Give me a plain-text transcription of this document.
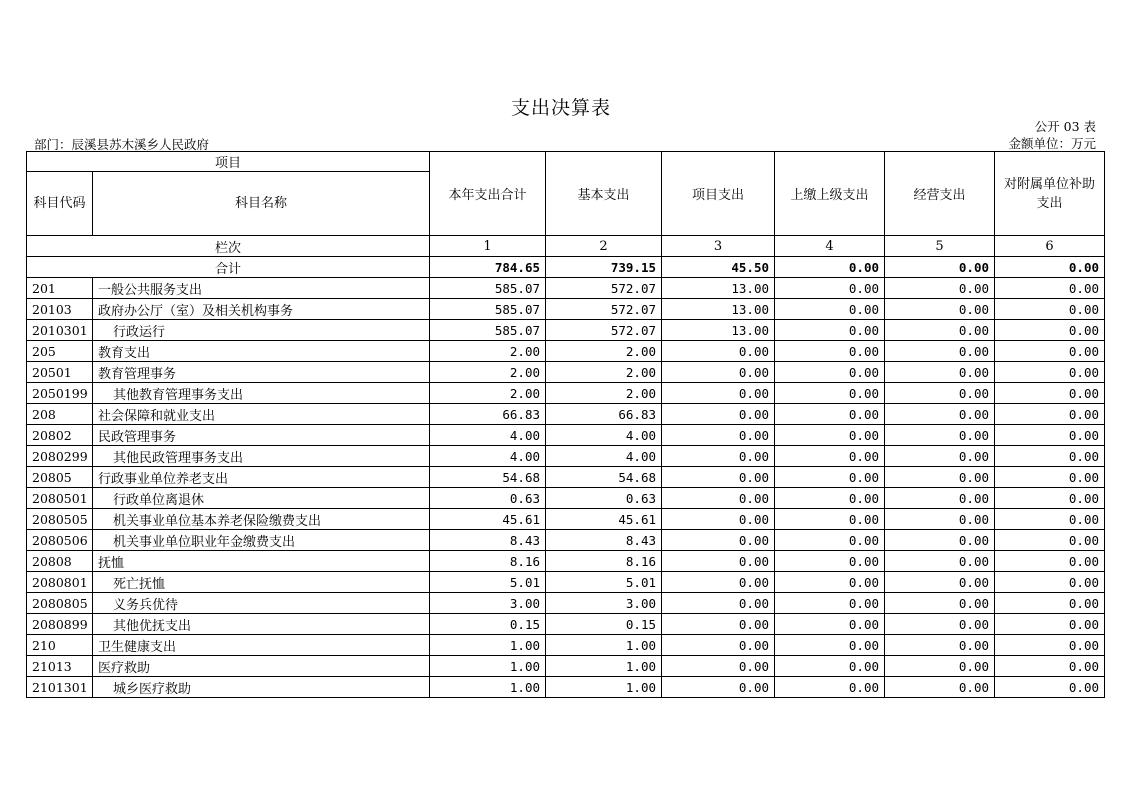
支出决算表
公开 03 表
部门：辰溪县苏木溪乡人民政府	金额单位：万元
项目		本年支出合计	基本支出	项目支出	上缴上级支出	经营支出	对附属单位补助支出
科目代码	科目名称						
栏次		1	2	3	4	5	6
合计		784.65	739.15	45.50	0.00	0.00	0.00
201	一般公共服务支出	585.07	572.07	13.00	0.00	0.00	0.00
20103	政府办公厅（室）及相关机构事务	585.07	572.07	13.00	0.00	0.00	0.00
2010301	行政运行	585.07	572.07	13.00	0.00	0.00	0.00
205	教育支出	2.00	2.00	0.00	0.00	0.00	0.00
20501	教育管理事务	2.00	2.00	0.00	0.00	0.00	0.00
2050199	其他教育管理事务支出	2.00	2.00	0.00	0.00	0.00	0.00
208	社会保障和就业支出	66.83	66.83	0.00	0.00	0.00	0.00
20802	民政管理事务	4.00	4.00	0.00	0.00	0.00	0.00
2080299	其他民政管理事务支出	4.00	4.00	0.00	0.00	0.00	0.00
20805	行政事业单位养老支出	54.68	54.68	0.00	0.00	0.00	0.00
2080501	行政单位离退休	0.63	0.63	0.00	0.00	0.00	0.00
2080505	机关事业单位基本养老保险缴费支出	45.61	45.61	0.00	0.00	0.00	0.00
2080506	机关事业单位职业年金缴费支出	8.43	8.43	0.00	0.00	0.00	0.00
20808	抚恤	8.16	8.16	0.00	0.00	0.00	0.00
2080801	死亡抚恤	5.01	5.01	0.00	0.00	0.00	0.00
2080805	义务兵优待	3.00	3.00	0.00	0.00	0.00	0.00
2080899	其他优抚支出	0.15	0.15	0.00	0.00	0.00	0.00
210	卫生健康支出	1.00	1.00	0.00	0.00	0.00	0.00
21013	医疗救助	1.00	1.00	0.00	0.00	0.00	0.00
2101301	城乡医疗救助	1.00	1.00	0.00	0.00	0.00	0.00
